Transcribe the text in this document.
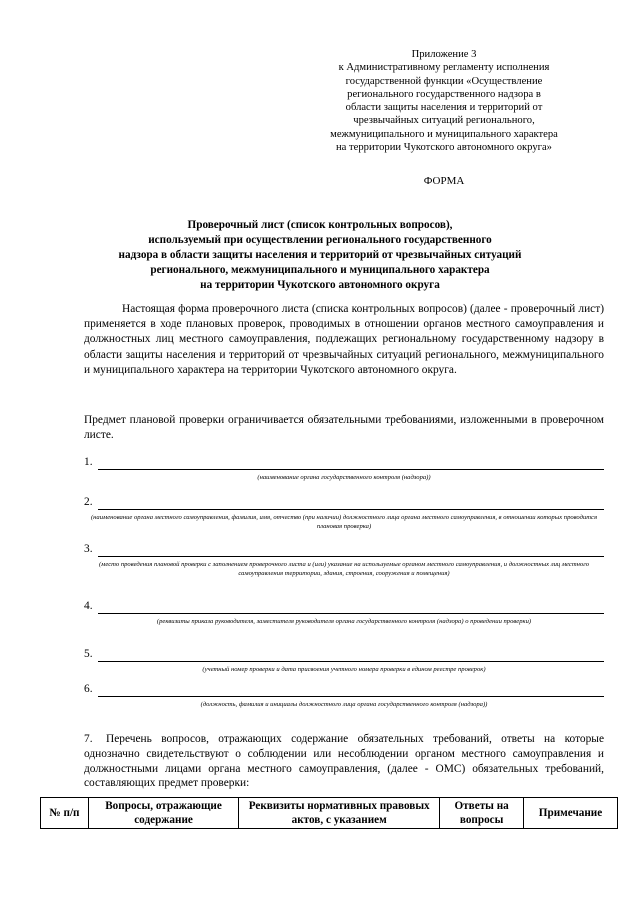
Приложение 3
к Административному регламенту исполнения
государственной функции «Осуществление
регионального государственного надзора в
области защиты населения и территорий от
чрезвычайных ситуаций регионального,
межмуниципального и муниципального характера
на территории Чукотского автономного округа»
ФОРМА
Проверочный лист (список контрольных вопросов),
используемый при осуществлении регионального государственного
надзора в области защиты населения и территорий от чрезвычайных ситуаций
регионального, межмуниципального и муниципального характера
на территории Чукотского автономного округа
Настоящая форма проверочного листа (списка контрольных вопросов) (далее - проверочный лист) применяется в ходе плановых проверок, проводимых в отношении органов местного самоуправления и должностных лиц местного самоуправления, подлежащих региональному государственному надзору в области защиты населения и территорий от чрезвычайных ситуаций регионального, межмуниципального и муниципального характера на территории Чукотского автономного округа.
Предмет плановой проверки ограничивается обязательными требованиями, изложенными в проверочном листе.
1.
(наименование органа государственного контроля (надзора))
2.
(наименование органа местного самоуправления, фамилия, имя, отчество (при наличии) должностного лица органа местного самоуправления, в отношении которых проводится плановая проверка)
3.
(место проведения плановой проверки с заполнением проверочного листа и (или) указание на используемые органом местного самоуправления, и должностных лиц местного самоуправления территории, здания, строения, сооружения и помещения)
4.
(реквизиты приказа руководителя, заместителя руководителя органа государственного контроля (надзора) о проведении проверки)
5.
(учетный номер проверки и дата присвоения учетного номера проверки в едином реестре проверок)
6.
(должность, фамилия и инициалы должностного лица органа государственного контроля (надзора))
7.	Перечень вопросов, отражающих содержание обязательных требований, ответы на которые однозначно свидетельствуют о соблюдении или несоблюдении органом местного самоуправления и должностными лицами органа местного самоуправления, (далее - ОМС) обязательных требований, составляющих предмет проверки:
№ п/п	Вопросы, отражающие содержание	Реквизиты нормативных правовых актов, с указанием	Ответы на вопросы	Примечание
